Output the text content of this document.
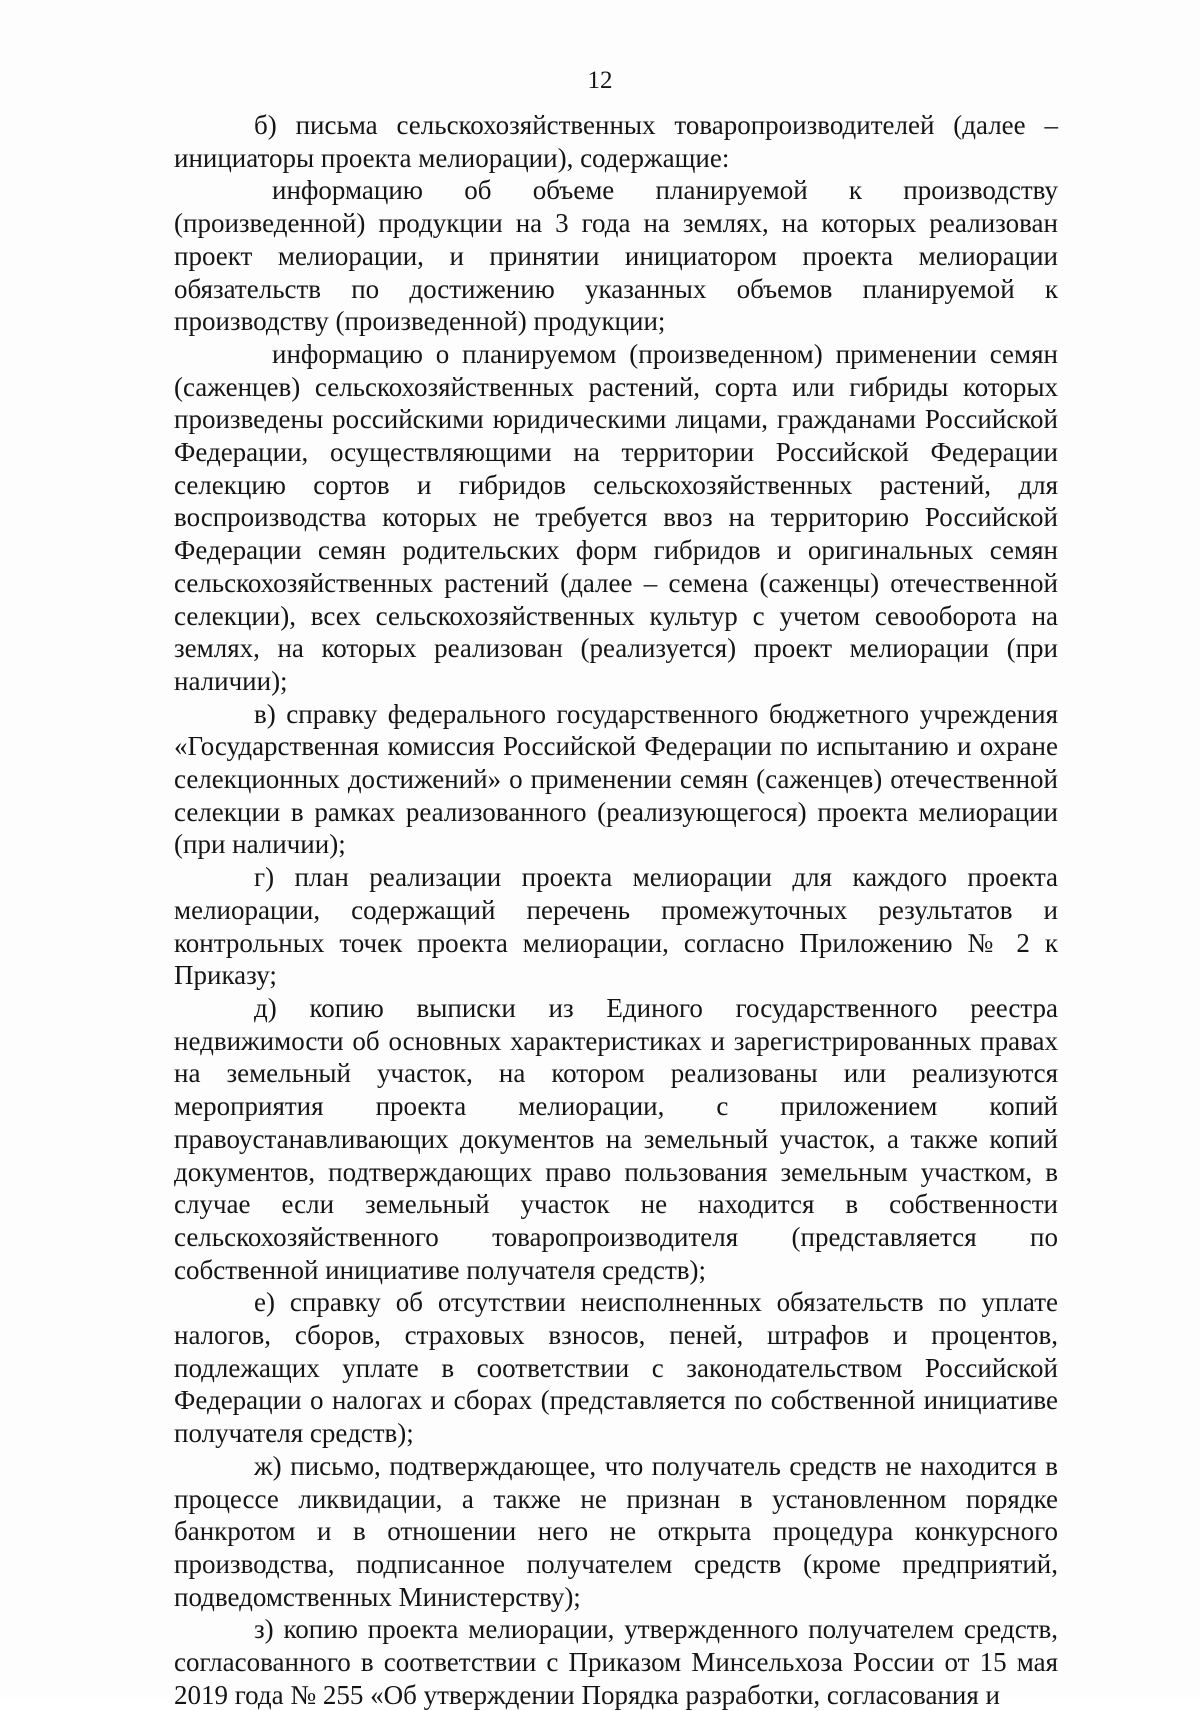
12

б) письма сельскохозяйственных товаропроизводителей (далее – инициаторы проекта мелиорации), содержащие:

информацию об объеме планируемой к производству (произведенной) продукции на 3 года на землях, на которых реализован проект мелиорации, и принятии инициатором проекта мелиорации обязательств по достижению указанных объемов планируемой к производству (произведенной) продукции;

информацию о планируемом (произведенном) применении семян (саженцев) сельскохозяйственных растений, сорта или гибриды которых произведены российскими юридическими лицами, гражданами Российской Федерации, осуществляющими на территории Российской Федерации селекцию сортов и гибридов сельскохозяйственных растений, для воспроизводства которых не требуется ввоз на территорию Российской Федерации семян родительских форм гибридов и оригинальных семян сельскохозяйственных растений (далее – семена (саженцы) отечественной селекции), всех сельскохозяйственных культур с учетом севооборота на землях, на которых реализован (реализуется) проект мелиорации (при наличии);

в) справку федерального государственного бюджетного учреждения «Государственная комиссия Российской Федерации по испытанию и охране селекционных достижений» о применении семян (саженцев) отечественной селекции в рамках реализованного (реализующегося) проекта мелиорации (при наличии);

г) план реализации проекта мелиорации для каждого проекта мелиорации, содержащий перечень промежуточных результатов и контрольных точек проекта мелиорации, согласно Приложению № 2 к Приказу;

д) копию выписки из Единого государственного реестра недвижимости об основных характеристиках и зарегистрированных правах на земельный участок, на котором реализованы или реализуются мероприятия проекта мелиорации, с приложением копий правоустанавливающих документов на земельный участок, а также копий документов, подтверждающих право пользования земельным участком, в случае если земельный участок не находится в собственности сельскохозяйственного товаропроизводителя (представляется по собственной инициативе получателя средств);

е) справку об отсутствии неисполненных обязательств по уплате налогов, сборов, страховых взносов, пеней, штрафов и процентов, подлежащих уплате в соответствии с законодательством Российской Федерации о налогах и сборах (представляется по собственной инициативе получателя средств);

ж) письмо, подтверждающее, что получатель средств не находится в процессе ликвидации, а также не признан в установленном порядке банкротом и в отношении него не открыта процедура конкурсного производства, подписанное получателем средств (кроме предприятий, подведомственных Министерству);

з) копию проекта мелиорации, утвержденного получателем средств, согласованного в соответствии с Приказом Минсельхоза России от 15 мая 2019 года № 255 «Об утверждении Порядка разработки, согласования и
